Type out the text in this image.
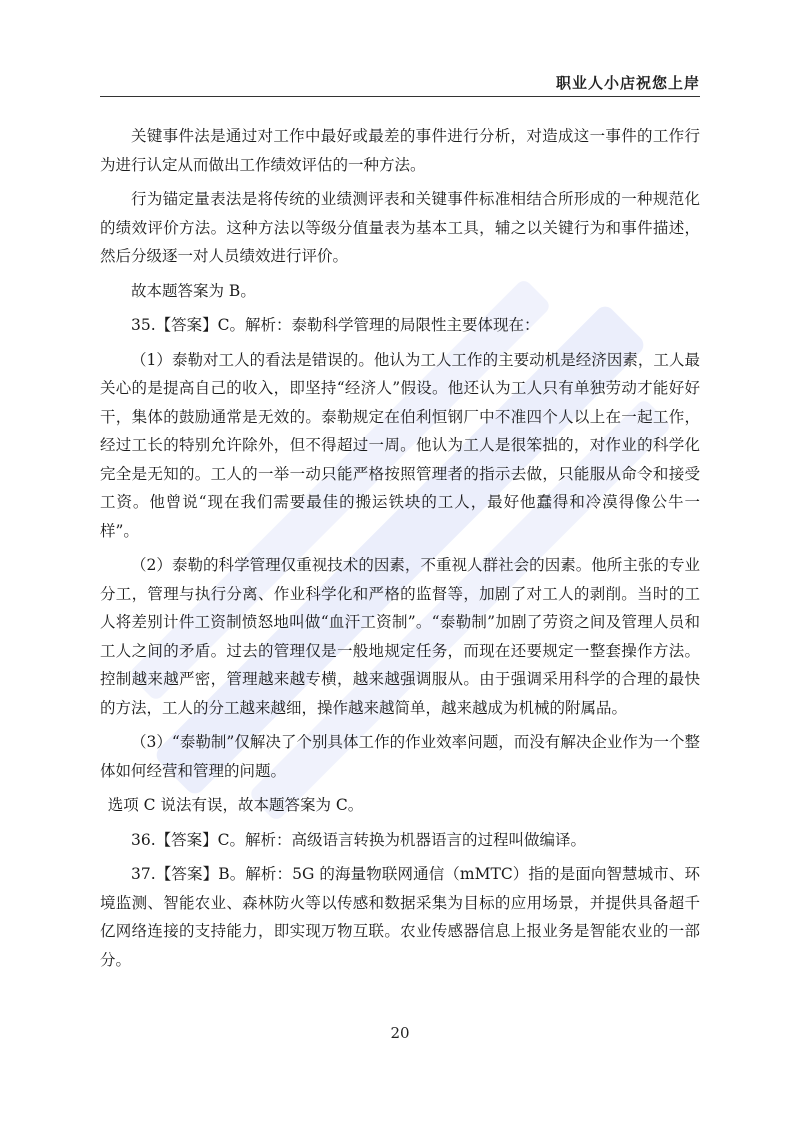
职业人小店祝您上岸

关键事件法是通过对工作中最好或最差的事件进行分析，对造成这一事件的工作行为进行认定从而做出工作绩效评估的一种方法。

行为锚定量表法是将传统的业绩测评表和关键事件标准相结合所形成的一种规范化的绩效评价方法。这种方法以等级分值量表为基本工具，辅之以关键行为和事件描述，然后分级逐一对人员绩效进行评价。

故本题答案为 B。

35.【答案】C。解析：泰勒科学管理的局限性主要体现在：

（1）泰勒对工人的看法是错误的。他认为工人工作的主要动机是经济因素，工人最关心的是提高自己的收入，即坚持“经济人”假设。他还认为工人只有单独劳动才能好好干，集体的鼓励通常是无效的。泰勒规定在伯利恒钢厂中不准四个人以上在一起工作，经过工长的特别允许除外，但不得超过一周。他认为工人是很笨拙的，对作业的科学化完全是无知的。工人的一举一动只能严格按照管理者的指示去做，只能服从命令和接受工资。他曾说“现在我们需要最佳的搬运铁块的工人，最好他蠢得和冷漠得像公牛一样”。

（2）泰勒的科学管理仅重视技术的因素，不重视人群社会的因素。他所主张的专业分工，管理与执行分离、作业科学化和严格的监督等，加剧了对工人的剥削。当时的工人将差别计件工资制愤怒地叫做“血汗工资制”。“泰勒制”加剧了劳资之间及管理人员和工人之间的矛盾。过去的管理仅是一般地规定任务，而现在还要规定一整套操作方法。控制越来越严密，管理越来越专横，越来越强调服从。由于强调采用科学的合理的最快的方法，工人的分工越来越细，操作越来越简单，越来越成为机械的附属品。

（3）“泰勒制”仅解决了个别具体工作的作业效率问题，而没有解决企业作为一个整体如何经营和管理的问题。

选项 C 说法有误，故本题答案为 C。

36.【答案】C。解析：高级语言转换为机器语言的过程叫做编译。

37.【答案】B。解析：5G 的海量物联网通信（mMTC）指的是面向智慧城市、环境监测、智能农业、森林防火等以传感和数据采集为目标的应用场景，并提供具备超千亿网络连接的支持能力，即实现万物互联。农业传感器信息上报业务是智能农业的一部分。

20
